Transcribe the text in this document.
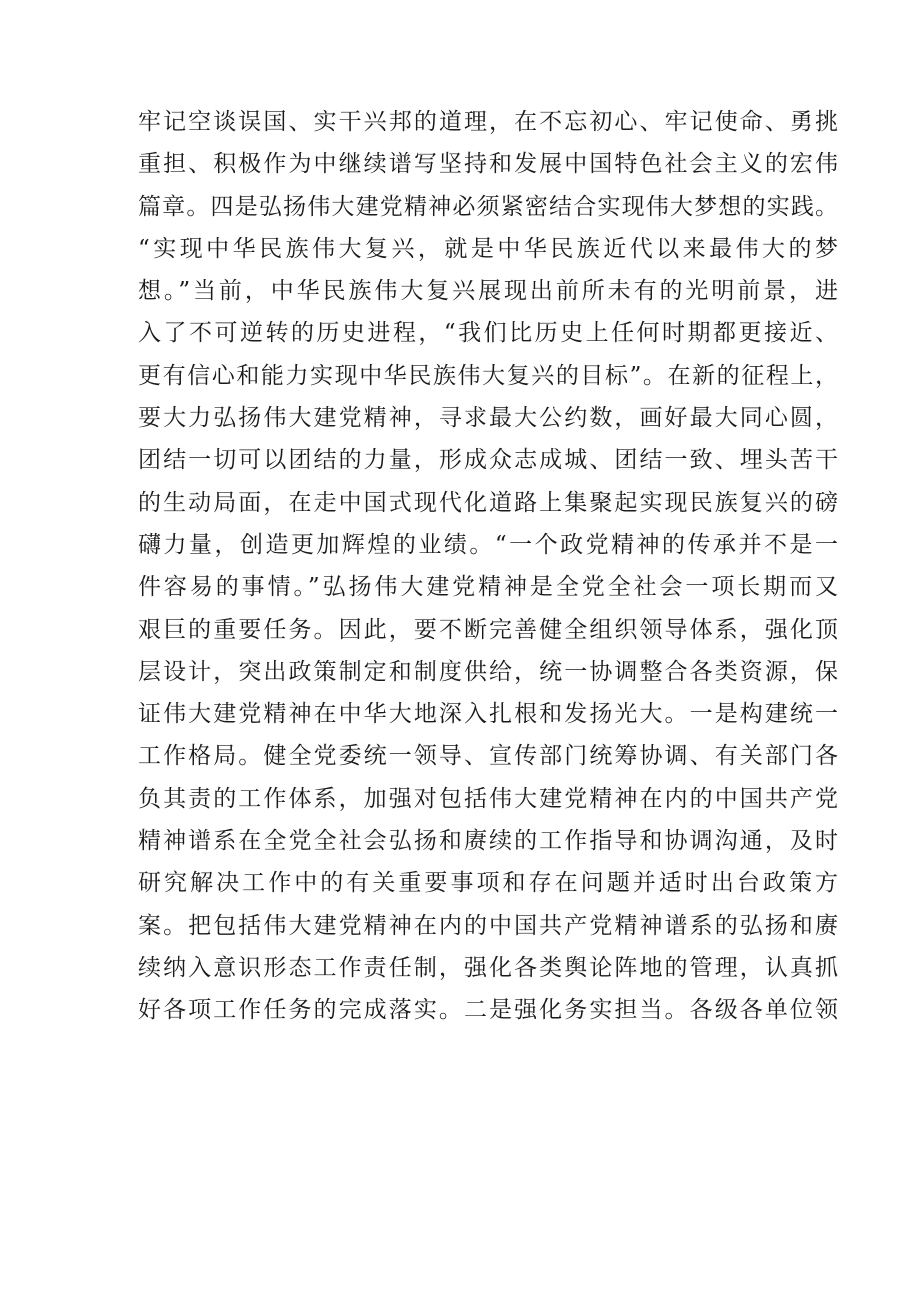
牢记空谈误国、实干兴邦的道理，在不忘初心、牢记使命、勇挑
重担、积极作为中继续谱写坚持和发展中国特色社会主义的宏伟
篇章。四是弘扬伟大建党精神必须紧密结合实现伟大梦想的实践。
“实现中华民族伟大复兴，就是中华民族近代以来最伟大的梦
想。”当前，中华民族伟大复兴展现出前所未有的光明前景，进
入了不可逆转的历史进程，“我们比历史上任何时期都更接近、
更有信心和能力实现中华民族伟大复兴的目标”。在新的征程上，
要大力弘扬伟大建党精神，寻求最大公约数，画好最大同心圆，
团结一切可以团结的力量，形成众志成城、团结一致、埋头苦干
的生动局面，在走中国式现代化道路上集聚起实现民族复兴的磅
礴力量，创造更加辉煌的业绩。“一个政党精神的传承并不是一
件容易的事情。”弘扬伟大建党精神是全党全社会一项长期而又
艰巨的重要任务。因此，要不断完善健全组织领导体系，强化顶
层设计，突出政策制定和制度供给，统一协调整合各类资源，保
证伟大建党精神在中华大地深入扎根和发扬光大。一是构建统一
工作格局。健全党委统一领导、宣传部门统筹协调、有关部门各
负其责的工作体系，加强对包括伟大建党精神在内的中国共产党
精神谱系在全党全社会弘扬和赓续的工作指导和协调沟通，及时
研究解决工作中的有关重要事项和存在问题并适时出台政策方
案。把包括伟大建党精神在内的中国共产党精神谱系的弘扬和赓
续纳入意识形态工作责任制，强化各类舆论阵地的管理，认真抓
好各项工作任务的完成落实。二是强化务实担当。各级各单位领
